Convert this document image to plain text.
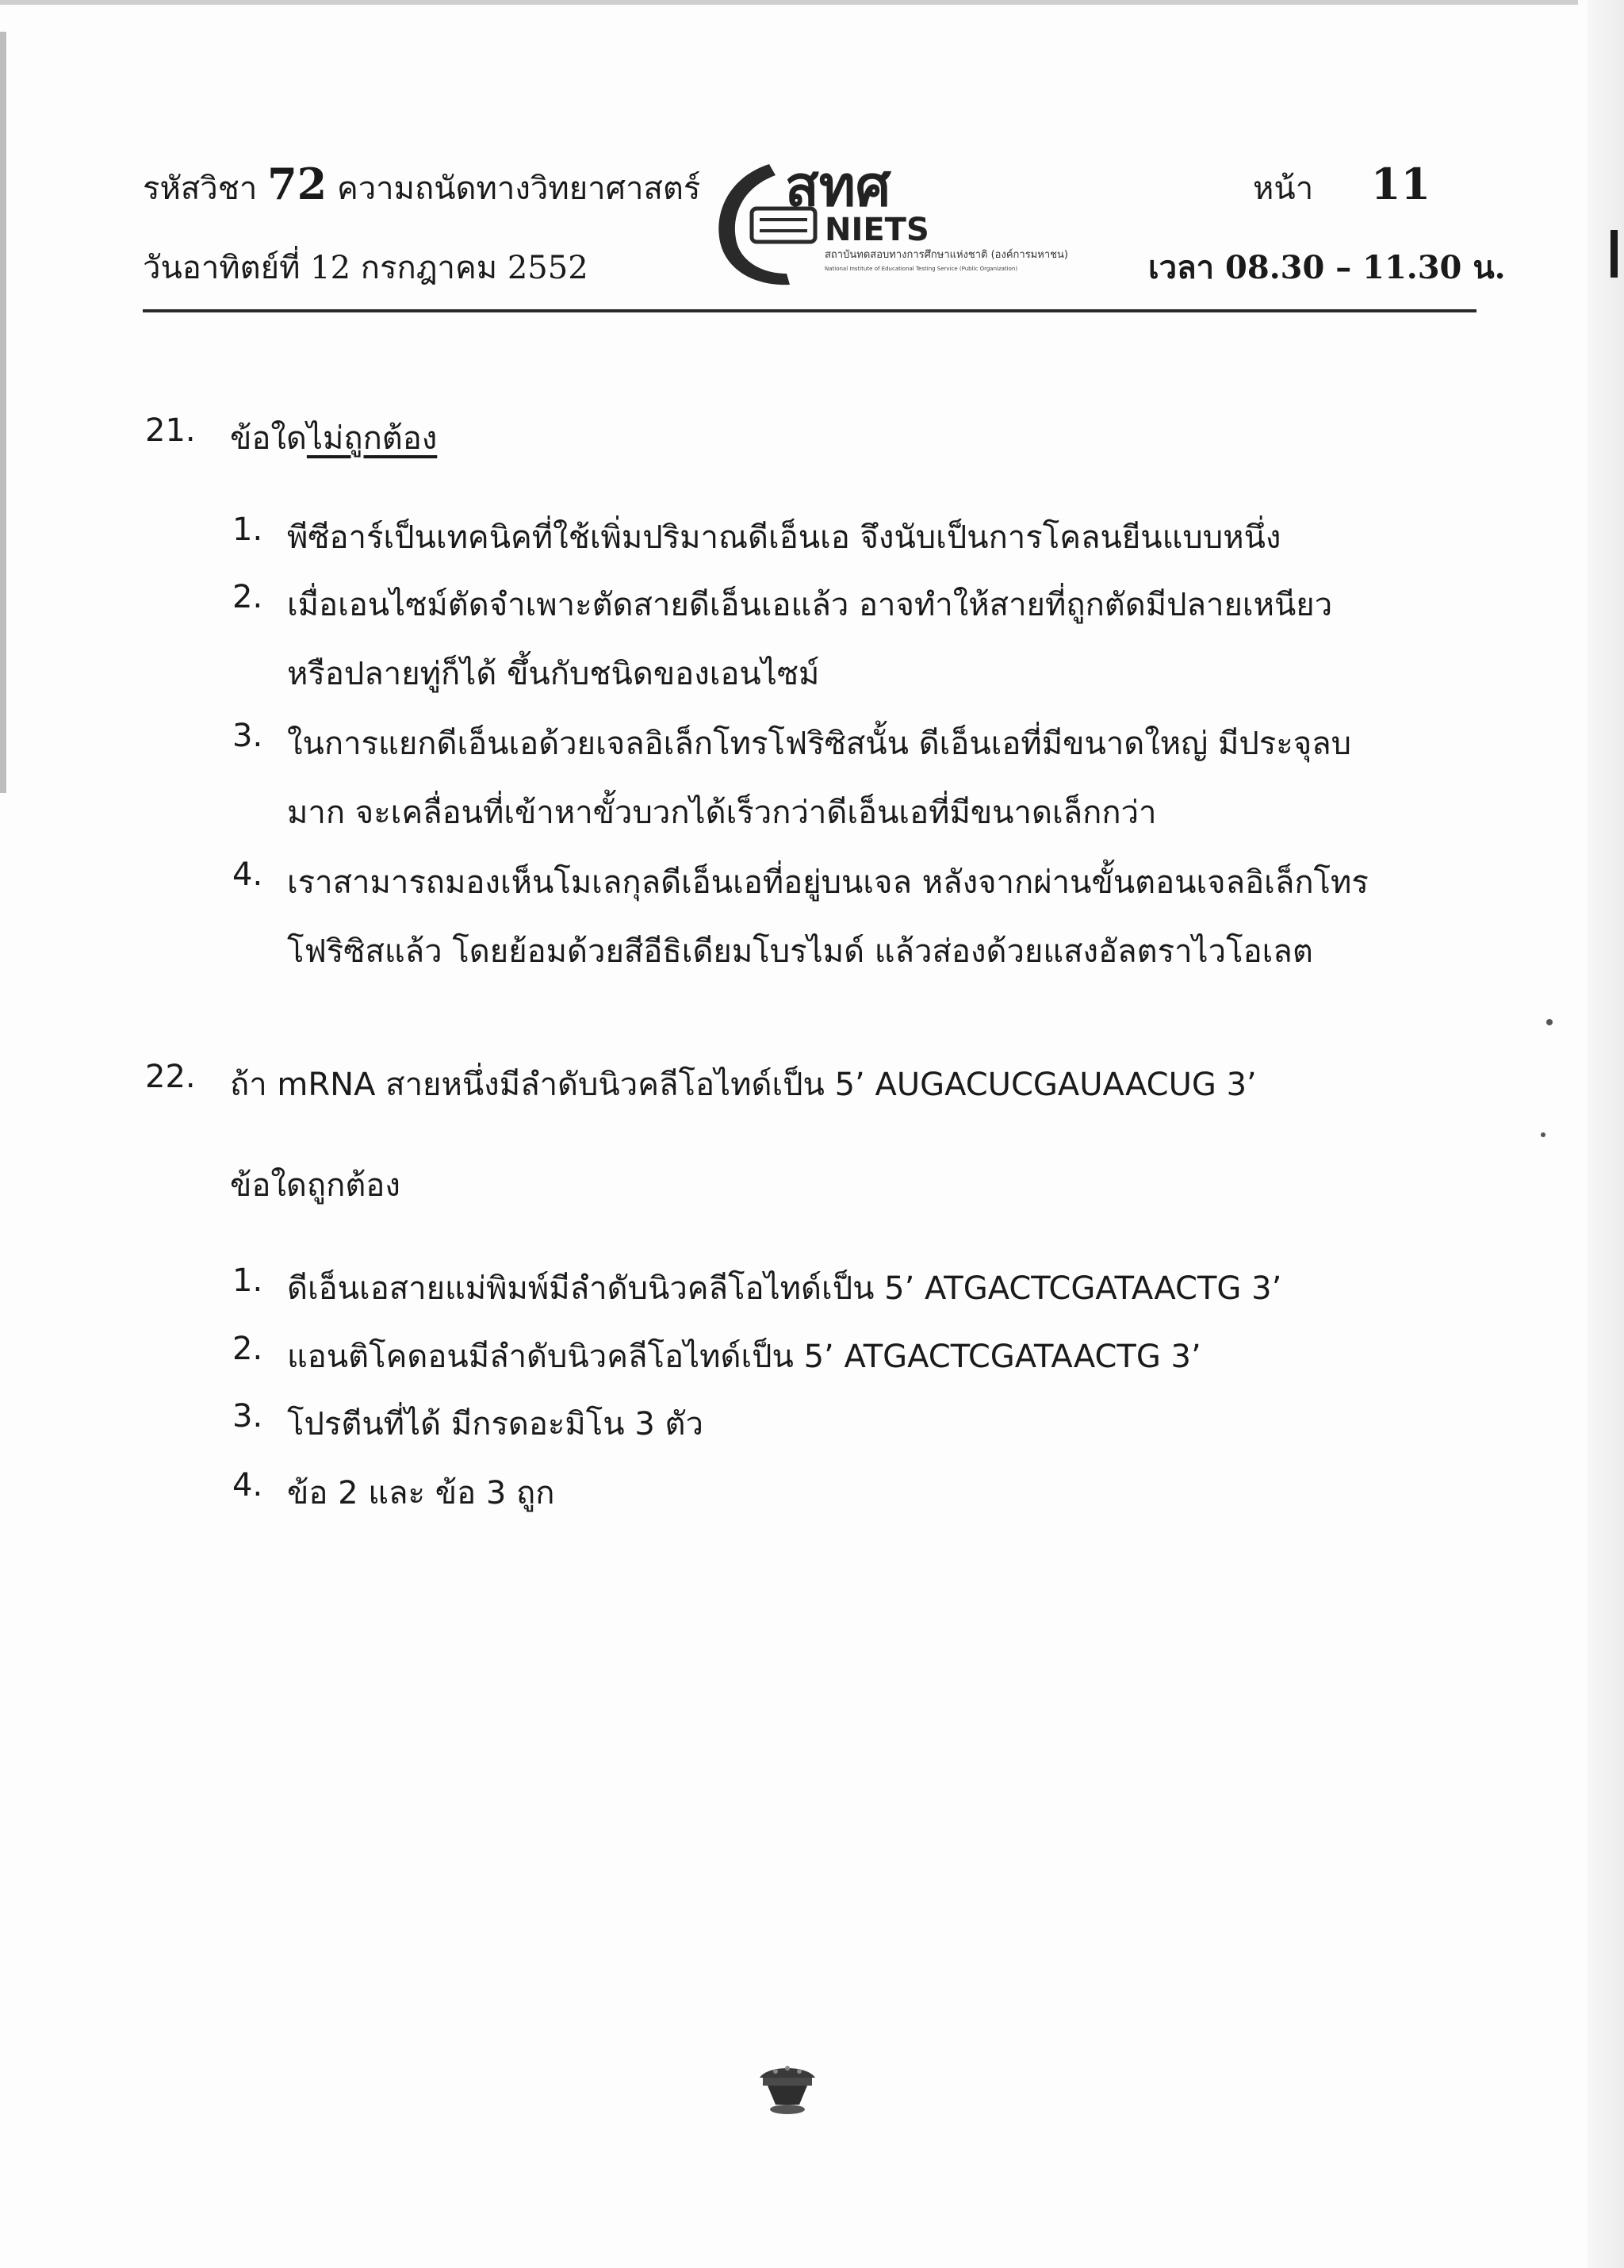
รหัสวิชา 72 ความถนัดทางวิทยาศาสตร์
วันอาทิตย์ที่ 12 กรกฎาคม 2552
หน้า 11
เวลา 08.30 – 11.30 น.
สทศ
NIETS
สถาบันทดสอบทางการศึกษาแห่งชาติ (องค์การมหาชน)
National Institute of Educational Testing Service (Public Organization)
21. ข้อใดไม่ถูกต้อง
1. พีซีอาร์เป็นเทคนิคที่ใช้เพิ่มปริมาณดีเอ็นเอ จึงนับเป็นการโคลนยีนแบบหนึ่ง
2. เมื่อเอนไซม์ตัดจำเพาะตัดสายดีเอ็นเอแล้ว อาจทำให้สายที่ถูกตัดมีปลายเหนียว
หรือปลายทู่ก็ได้ ขึ้นกับชนิดของเอนไซม์
3. ในการแยกดีเอ็นเอด้วยเจลอิเล็กโทรโฟริซิสนั้น ดีเอ็นเอที่มีขนาดใหญ่ มีประจุลบ
มาก จะเคลื่อนที่เข้าหาขั้วบวกได้เร็วกว่าดีเอ็นเอที่มีขนาดเล็กกว่า
4. เราสามารถมองเห็นโมเลกุลดีเอ็นเอที่อยู่บนเจล หลังจากผ่านขั้นตอนเจลอิเล็กโทร
โฟริซิสแล้ว โดยย้อมด้วยสีอีธิเดียมโบรไมด์ แล้วส่องด้วยแสงอัลตราไวโอเลต
22. ถ้า mRNA สายหนึ่งมีลำดับนิวคลีโอไทด์เป็น 5’ AUGACUCGAUAACUG 3’
ข้อใดถูกต้อง
1. ดีเอ็นเอสายแม่พิมพ์มีลำดับนิวคลีโอไทด์เป็น 5’ ATGACTCGATAACTG 3’
2. แอนติโคดอนมีลำดับนิวคลีโอไทด์เป็น 5’ ATGACTCGATAACTG 3’
3. โปรตีนที่ได้ มีกรดอะมิโน 3 ตัว
4. ข้อ 2 และ ข้อ 3 ถูก
